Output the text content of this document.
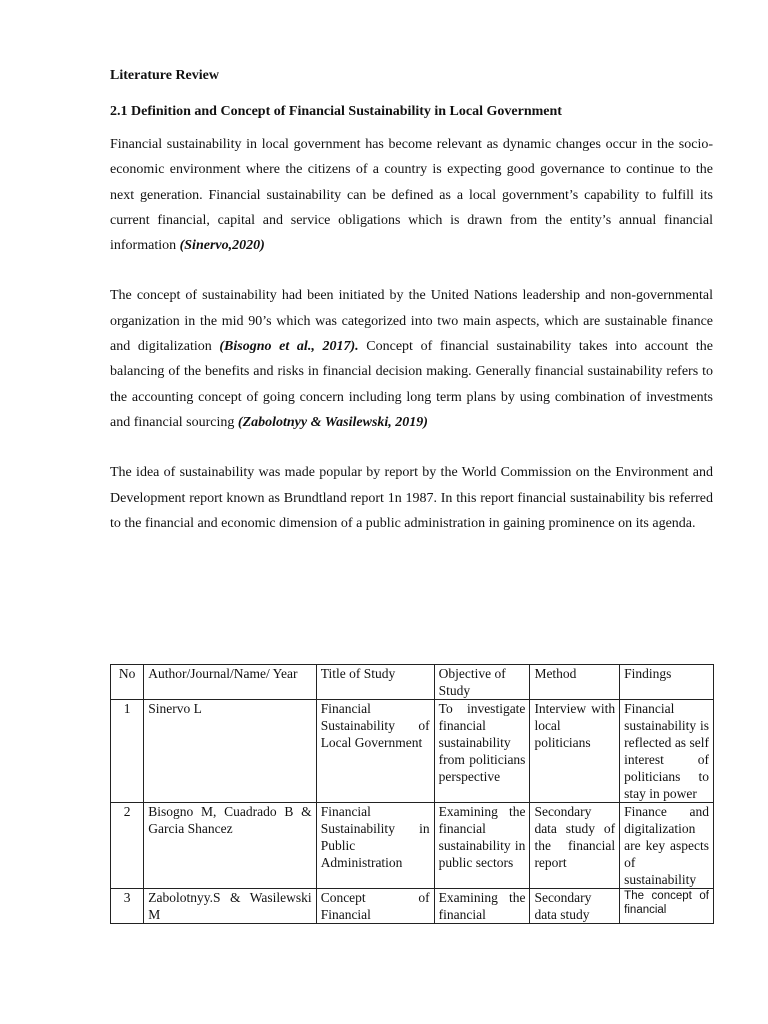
Literature Review
2.1 Definition and Concept of Financial Sustainability in Local Government

Financial sustainability in local government has become relevant as dynamic changes occur in the socio-economic environment where the citizens of a country is expecting good governance to continue to the next generation. Financial sustainability can be defined as a local government’s capability to fulfill its current financial, capital and service obligations which is drawn from the entity’s annual financial information (Sinervo,2020)

The concept of sustainability had been initiated by the United Nations leadership and non-governmental organization in the mid 90’s which was categorized into two main aspects, which are sustainable finance and digitalization (Bisogno et al., 2017). Concept of financial sustainability takes into account the balancing of the benefits and risks in financial decision making. Generally financial sustainability refers to the accounting concept of going concern including long term plans by using combination of investments and financial sourcing (Zabolotnyy & Wasilewski, 2019)

The idea of sustainability was made popular by report by the World Commission on the Environment and Development report known as Brundtland report 1n 1987. In this report financial sustainability bis referred to the financial and economic dimension of a public administration in gaining prominence on its agenda.

No	Author/Journal/Name/ Year	Title of Study	Objective of Study	Method	Findings
1	Sinervo L	Financial Sustainability of Local Government	To investigate financial sustainability from politicians perspective	Interview with local politicians	Financial sustainability is reflected as self interest of politicians to stay in power
2	Bisogno M, Cuadrado B & Garcia Shancez	Financial Sustainability in Public Administration	Examining the financial sustainability in public sectors	Secondary data study of the financial report	Finance and digitalization are key aspects of sustainability
3	Zabolotnyy.S & Wasilewski M	Concept of Financial	Examining the financial	Secondary data study	The concept of financial
